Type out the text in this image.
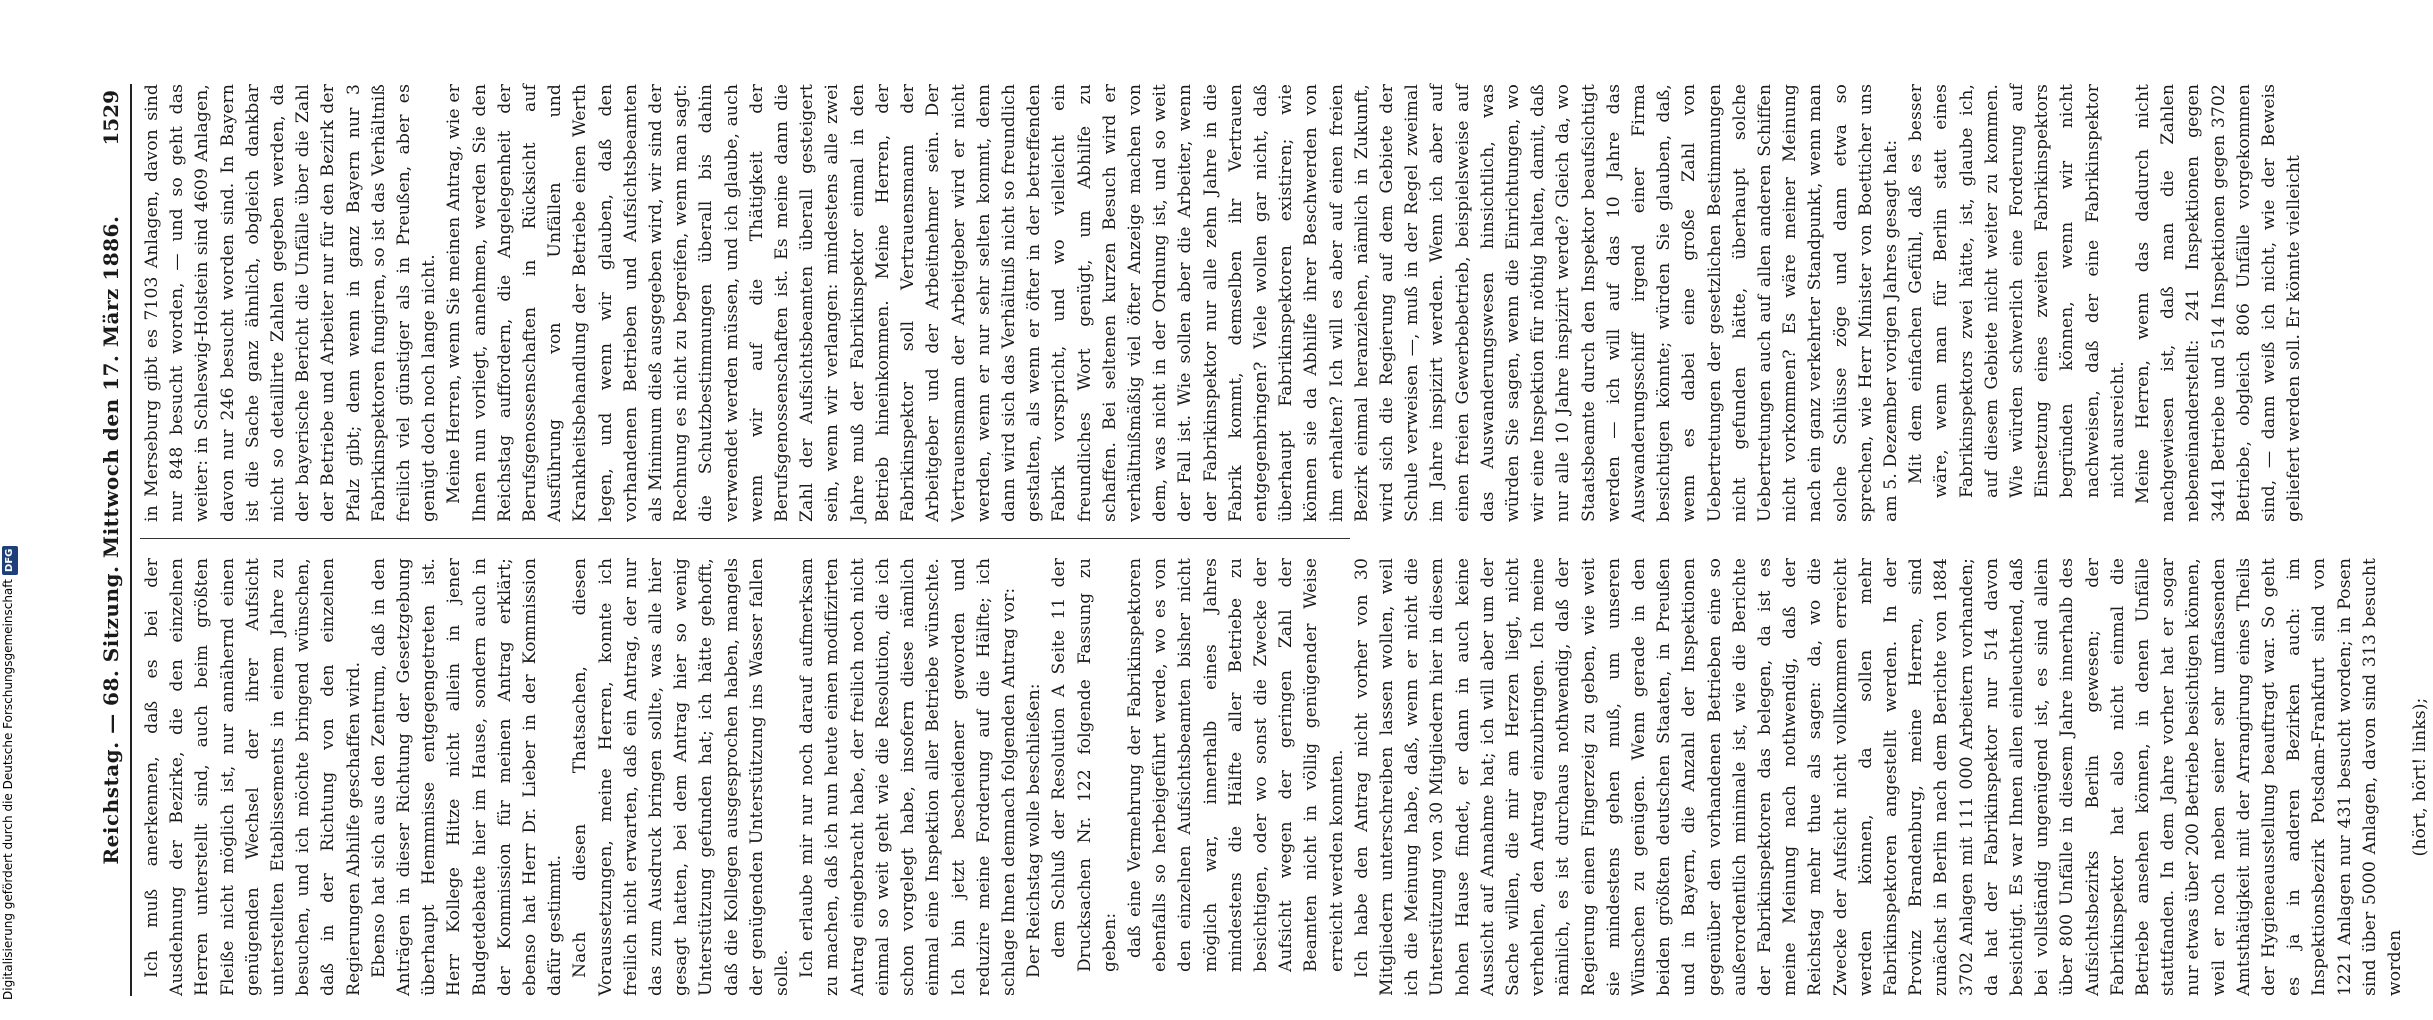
Digitalisierung gefördert durch die Deutsche ForschungsgemeinschaftDFG	Reichstag. — 68. Sitzung. Mittwoch den 17. März 1886.
1529

Ich muß anerkennen, daß es bei der Ausdehnung der Bezirke, die den einzelnen Herren unterstellt sind, auch beim größten Fleiße nicht möglich ist, nur annähernd einen genügenden Wechsel der ihrer Aufsicht unterstellten Etablissements in einem Jahre zu besuchen, und ich möchte bringend wünschen, daß in der Richtung von den einzelnen Regierungen Abhilfe geschaffen wird. Ebenso hat sich aus den Zentrum, daß in den Anträgen in dieser Richtung der Gesetzgebung überhaupt Hemmnisse entgegengetreten ist. Herr Kollege Hitze nicht allein in jener Budgetdebatte hier im Hause, sondern auch in der Kommission für meinen Antrag erklärt; ebenso hat Herr Dr. Lieber in der Kommission dafür gestimmt. Nach diesen Thatsachen, diesen Voraussetzungen, meine Herren, konnte ich freilich nicht erwarten, daß ein Antrag, der nur das zum Ausdruck bringen sollte, was alle hier gesagt hatten, bei dem Antrag hier so wenig Unterstützung gefunden hat; ich hätte gehofft, daß die Kollegen ausgesprochen haben, mangels der genügenden Unterstützung ins Wasser fallen solle. Ich erlaube mir nur noch darauf aufmerksam zu machen, daß ich nun heute einen modifizirten Antrag eingebracht habe, der freilich noch nicht einmal so weit geht wie die Resolution, die ich schon vorgelegt habe, insofern diese nämlich einmal eine Inspektion aller Betriebe wünschte. Ich bin jetzt bescheidener geworden und reduzire meine Forderung auf die Hälfte; ich schlage Ihnen demnach folgenden Antrag vor: Der Reichstag wolle beschließen: dem Schluß der Resolution A Seite 11 der Drucksachen Nr. 122 folgende Fassung zu geben: daß eine Vermehrung der Fabrikinspektoren ebenfalls so herbeigeführt werde, wo es von den einzelnen Aufsichtsbeamten bisher nicht möglich war, innerhalb eines Jahres mindestens die Hälfte aller Betriebe zu besichtigen, oder wo sonst die Zwecke der Aufsicht wegen der geringen Zahl der Beamten nicht in völlig genügender Weise erreicht werden konnten. Ich habe den Antrag nicht vorher von 30 Mitgliedern unterschreiben lassen wollen, weil ich die Meinung habe, daß, wenn er nicht die Unterstützung von 30 Mitgliedern hier in diesem hohen Hause findet, er dann in auch keine Aussicht auf Annahme hat; ich will aber um der Sache willen, die mir am Herzen liegt, nicht verhehlen, den Antrag einzubringen. Ich meine nämlich, es ist durchaus nothwendig, daß der Regierung einen Fingerzeig zu geben, wie weit sie mindestens gehen muß, um unseren Wünschen zu genügen. Wenn gerade in den beiden größten deutschen Staaten, in Preußen und in Bayern, die Anzahl der Inspektionen gegenüber den vorhandenen Betrieben eine so außerordentlich minimale ist, wie die Berichte der Fabrikinspektoren das belegen, da ist es meine Meinung nach nothwendig, daß der Reichstag mehr thue als sagen: da, wo die Zwecke der Aufsicht nicht vollkommen erreicht werden können, da sollen mehr Fabrikinspektoren angestellt werden. In der Provinz Brandenburg, meine Herren, sind zunächst in Berlin nach dem Berichte von 1884 3702 Anlagen mit 111 000 Arbeitern vorhanden; da hat der Fabrikinspektor nur 514 davon besichtigt. Es war Ihnen allen einleuchtend, daß bei vollständig ungenügend ist, es sind allein über 800 Unfälle in diesem Jahre innerhalb des Aufsichtsbezirks Berlin gewesen; der Fabrikinspektor hat also nicht einmal die Betriebe ansehen können, in denen Unfälle stattfanden. In dem Jahre vorher hat er sogar nur etwas über 200 Betriebe besichtigen können, weil er noch neben seiner sehr umfassenden Amtsthätigkeit mit der Arrangirung eines Theils der Hygieneausstellung beauftragt war. So geht es ja in anderen Bezirken auch: im Inspektionsbezirk Potsdam-Frankfurt sind von 1221 Anlagen nur 431 besucht worden; in Posen sind über 5000 Anlagen, davon sind 313 besucht worden

(hört, hört! links);

in Merseburg gibt es 7103 Anlagen, davon sind nur 848 besucht worden, — und so geht das weiter: in Schleswig-Holstein sind 4609 Anlagen, davon nur 246 besucht worden sind. In Bayern ist die Sache ganz ähnlich, obgleich dankbar nicht so detaillirte Zahlen gegeben werden, da der bayerische Bericht die Unfälle über die Zahl der Betriebe und Arbeiter nur für den Bezirk der Pfalz gibt; denn wenn in ganz Bayern nur 3 Fabrikinspektoren fungiren, so ist das Verhältniß freilich viel günstiger als in Preußen, aber es genügt doch noch lange nicht. Meine Herren, wenn Sie meinen Antrag, wie er Ihnen nun vorliegt, annehmen, werden Sie den Reichstag auffordern, die Angelegenheit der Berufsgenossenschaften in Rücksicht auf Ausführung von Unfällen und Krankheitsbehandlung der Betriebe einen Werth legen, und wenn wir glauben, daß den vorhandenen Betrieben und Aufsichtsbeamten als Minimum dieß ausgegeben wird, wir sind der Rechnung es nicht zu begreifen, wenn man sagt: die Schutzbestimmungen überall bis dahin verwendet werden müssen, und ich glaube, auch wenn wir auf die Thätigkeit der Berufsgenossenschaften ist. Es meine dann die Zahl der Aufsichtsbeamten überall gesteigert sein, wenn wir verlangen: mindestens alle zwei Jahre muß der Fabrikinspektor einmal in den Betrieb hineinkommen. Meine Herren, der Fabrikinspektor soll Vertrauensmann der Arbeitgeber und der Arbeitnehmer sein. Der Vertrauensmann der Arbeitgeber wird er nicht werden, wenn er nur sehr selten kommt, denn dann wird sich das Verhältniß nicht so freundlich gestalten, als wenn er öfter in der betreffenden Fabrik vorspricht, und wo vielleicht ein freundliches Wort genügt, um Abhilfe zu schaffen. Bei seltenen kurzen Besuch wird er verhältnißmäßig viel öfter Anzeige machen von dem, was nicht in der Ordnung ist, und so weit der Fall ist. Wie sollen aber die Arbeiter, wenn der Fabrikinspektor nur alle zehn Jahre in die Fabrik kommt, demselben ihr Vertrauen entgegenbringen? Viele wollen gar nicht, daß überhaupt Fabrikinspektoren existiren; wie können sie da Abhilfe ihrer Beschwerden von ihm erhalten? Ich will es aber auf einen freien Bezirk einmal heranziehen, nämlich in Zukunft, wird sich die Regierung auf dem Gebiete der Schule verweisen —, muß in der Regel zweimal im Jahre inspizirt werden. Wenn ich aber auf einen freien Gewerbebetrieb, beispielsweise auf das Auswanderungswesen hinsichtlich, was würden Sie sagen, wenn die Einrichtungen, wo wir eine Inspektion für nöthig halten, damit, daß nur alle 10 Jahre inspizirt werde? Gleich da, wo Staatsbeamte durch den Inspektor beaufsichtigt werden — ich will auf das 10 Jahre das Auswanderungsschiff irgend einer Firma besichtigen könnte; würden Sie glauben, daß, wenn es dabei eine große Zahl von Uebertretungen der gesetzlichen Bestimmungen nicht gefunden hätte, überhaupt solche Uebertretungen auch auf allen anderen Schiffen nicht vorkommen? Es wäre meiner Meinung nach ein ganz verkehrter Standpunkt, wenn man solche Schlüsse zöge und dann etwa so sprechen, wie Herr Minister von Boetticher uns am 5. Dezember vorigen Jahres gesagt hat: Mit dem einfachen Gefühl, daß es besser wäre, wenn man für Berlin statt eines Fabrikinspektors zwei hätte, ist, glaube ich, auf diesem Gebiete nicht weiter zu kommen. Wie würden schwerlich eine Forderung auf Einsetzung eines zweiten Fabrikinspektors begründen können, wenn wir nicht nachweisen, daß der eine Fabrikinspektor nicht ausreicht. Meine Herren, wenn das dadurch nicht nachgewiesen ist, daß man die Zahlen nebeneinanderstellt: 241 Inspektionen gegen 3441 Betriebe und 514 Inspektionen gegen 3702 Betriebe, obgleich 806 Unfälle vorgekommen sind, — dann weiß ich nicht, wie der Beweis geliefert werden soll. Er könnte vielleicht
